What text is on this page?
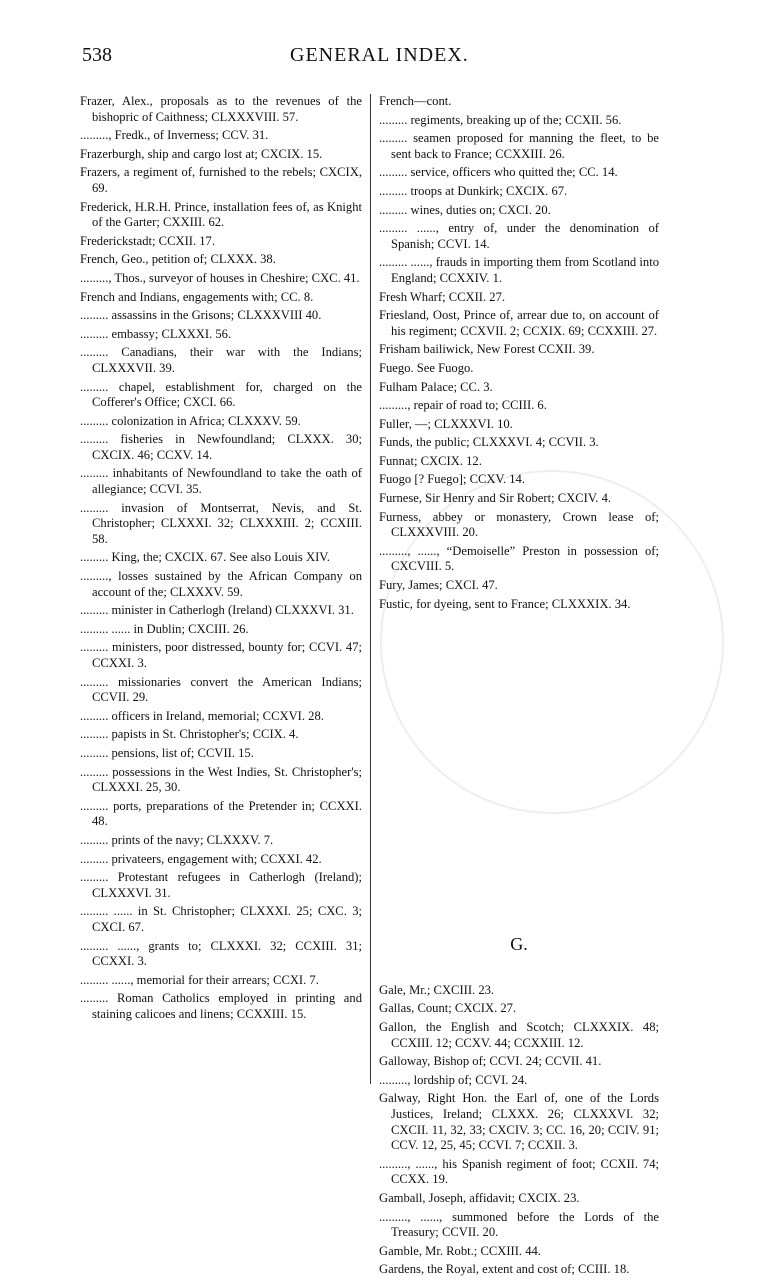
538	GENERAL INDEX.

Frazer, Alex., proposals as to the revenues of the bishopric of Caithness; CLXXXVIII. 57.

........., Fredk., of Inverness; CCV. 31.

Frazerburgh, ship and cargo lost at; CXCIX. 15.

Frazers, a regiment of, furnished to the rebels; CXCIX, 69.

Frederick, H.R.H. Prince, installation fees of, as Knight of the Garter; CXXIII. 62.

Frederickstadt; CCXII. 17.

French, Geo., petition of; CLXXX. 38.

........., Thos., surveyor of houses in Cheshire; CXC. 41.

French and Indians, engagements with; CC. 8.

......... assassins in the Grisons; CLXXXVIII 40.

......... embassy; CLXXXI. 56.

......... Canadians, their war with the Indians; CLXXXVII. 39.

......... chapel, establishment for, charged on the Cofferer's Office; CXCI. 66.

......... colonization in Africa; CLXXXV. 59.

......... fisheries in Newfoundland; CLXXX. 30; CXCIX. 46; CCXV. 14.

......... inhabitants of Newfoundland to take the oath of allegiance; CCVI. 35.

......... invasion of Montserrat, Nevis, and St. Christopher; CLXXXI. 32; CLXXXIII. 2; CCXIII. 58.

......... King, the; CXCIX. 67. See also Louis XIV.

........., losses sustained by the African Company on account of the; CLXXXV. 59.

......... minister in Catherlogh (Ireland) CLXXXVI. 31.

......... ...... in Dublin; CXCIII. 26.

......... ministers, poor distressed, bounty for; CCVI. 47; CCXXI. 3.

......... missionaries convert the American Indians; CCVII. 29.

......... officers in Ireland, memorial; CCXVI. 28.

......... papists in St. Christopher's; CCIX. 4.

......... pensions, list of; CCVII. 15.

......... possessions in the West Indies, St. Christopher's; CLXXXI. 25, 30.

......... ports, preparations of the Pretender in; CCXXI. 48.

......... prints of the navy; CLXXXV. 7.

......... privateers, engagement with; CCXXI. 42.

......... Protestant refugees in Catherlogh (Ireland); CLXXXVI. 31.

......... ...... in St. Christopher; CLXXXI. 25; CXC. 3; CXCI. 67.

......... ......, grants to; CLXXXI. 32; CCXIII. 31; CCXXI. 3.

......... ......, memorial for their arrears; CCXI. 7.

......... Roman Catholics employed in printing and staining calicoes and linens; CCXXIII. 15.

French—cont.

......... regiments, breaking up of the; CCXII. 56.

......... seamen proposed for manning the fleet, to be sent back to France; CCXXIII. 26.

......... service, officers who quitted the; CC. 14.

......... troops at Dunkirk; CXCIX. 67.

......... wines, duties on; CXCI. 20.

......... ......, entry of, under the denomination of Spanish; CCVI. 14.

......... ......, frauds in importing them from Scotland into England; CCXXIV. 1.

Fresh Wharf; CCXII. 27.

Friesland, Oost, Prince of, arrear due to, on account of his regiment; CCXVII. 2; CCXIX. 69; CCXXIII. 27.

Frisham bailiwick, New Forest CCXII. 39.

Fuego. See Fuogo.

Fulham Palace; CC. 3.

........., repair of road to; CCIII. 6.

Fuller, —; CLXXXVI. 10.

Funds, the public; CLXXXVI. 4; CCVII. 3.

Funnat; CXCIX. 12.

Fuogo [? Fuego]; CCXV. 14.

Furnese, Sir Henry and Sir Robert; CXCIV. 4.

Furness, abbey or monastery, Crown lease of; CLXXXVIII. 20.

........., ......, “Demoiselle” Preston in possession of; CXCVIII. 5.

Fury, James; CXCI. 47.

Fustic, for dyeing, sent to France; CLXXXIX. 34.

G.

Gale, Mr.; CXCIII. 23.

Gallas, Count; CXCIX. 27.

Gallon, the English and Scotch; CLXXXIX. 48; CCXIII. 12; CCXV. 44; CCXXIII. 12.

Galloway, Bishop of; CCVI. 24; CCVII. 41.

........., lordship of; CCVI. 24.

Galway, Right Hon. the Earl of, one of the Lords Justices, Ireland; CLXXX. 26; CLXXXVI. 32; CXCII. 11, 32, 33; CXCIV. 3; CC. 16, 20; CCIV. 91; CCV. 12, 25, 45; CCVI. 7; CCXII. 3.

........., ......, his Spanish regiment of foot; CCXII. 74; CCXX. 19.

Gamball, Joseph, affidavit; CXCIX. 23.

........., ......, summoned before the Lords of the Treasury; CCVII. 20.

Gamble, Mr. Robt.; CCXIII. 44.

Gardens, the Royal, extent and cost of; CCIII. 18.
